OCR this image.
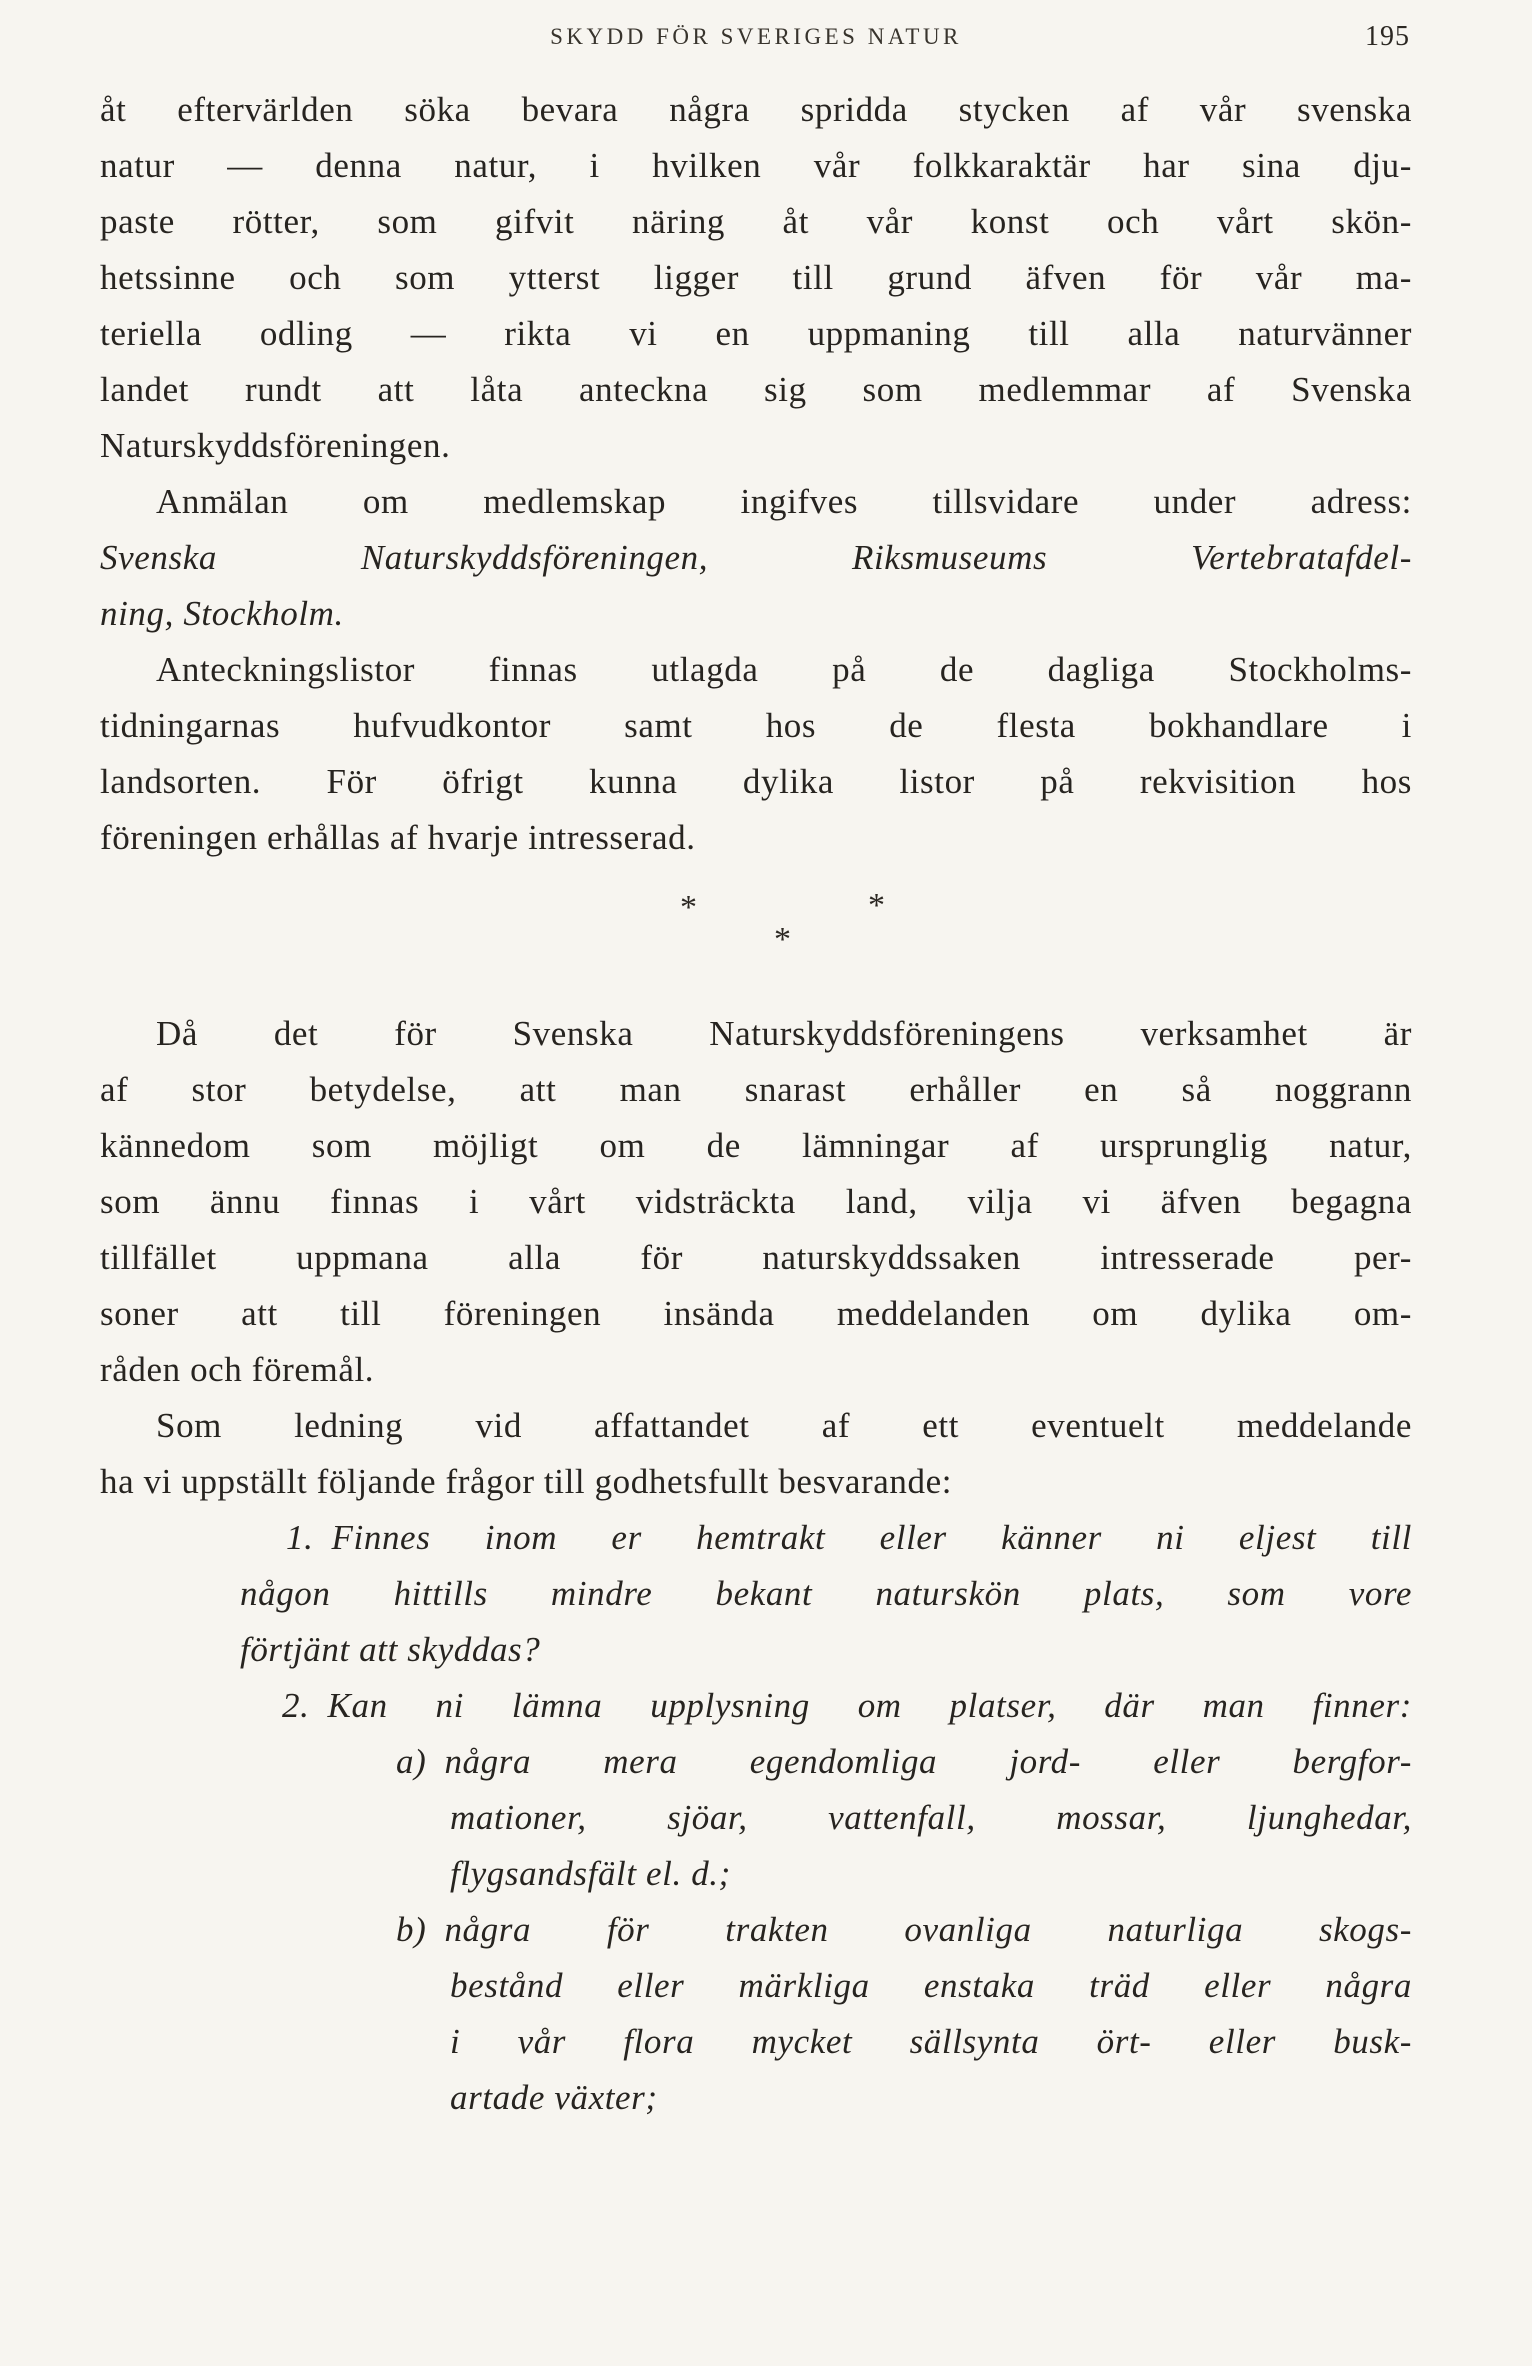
SKYDD FÖR SVERIGES NATUR	195
åt eftervärlden söka bevara några spridda stycken af vår svenska
natur — denna natur, i hvilken vår folkkaraktär har sina dju-
paste rötter, som gifvit näring åt vår konst och vårt skön-
hetssinne och som ytterst ligger till grund äfven för vår ma-
teriella odling — rikta vi en uppmaning till alla naturvänner
landet rundt att låta anteckna sig som medlemmar af Svenska
Naturskyddsföreningen.
Anmälan om medlemskap ingifves tillsvidare under adress:
Svenska Naturskyddsföreningen, Riksmuseums Vertebratafdel-
ning, Stockholm.
Anteckningslistor finnas utlagda på de dagliga Stockholms-
tidningarnas hufvudkontor samt hos de flesta bokhandlare i
landsorten. För öfrigt kunna dylika listor på rekvisition hos
föreningen erhållas af hvarje intresserad.
*	*
*
Då det för Svenska Naturskyddsföreningens verksamhet är
af stor betydelse, att man snarast erhåller en så noggrann
kännedom som möjligt om de lämningar af ursprunglig natur,
som ännu finnas i vårt vidsträckta land, vilja vi äfven begagna
tillfället uppmana alla för naturskyddssaken intresserade per-
soner att till föreningen insända meddelanden om dylika om-
råden och föremål.
Som ledning vid affattandet af ett eventuelt meddelande
ha vi uppställt följande frågor till godhetsfullt besvarande:
1. Finnes inom er hemtrakt eller känner ni eljest till
någon hittills mindre bekant naturskön plats, som vore
förtjänt att skyddas?
2. Kan ni lämna upplysning om platser, där man finner:
a) några mera egendomliga jord- eller bergfor-
mationer, sjöar, vattenfall, mossar, ljunghedar,
flygsandsfält el. d.;
b) några för trakten ovanliga naturliga skogs-
bestånd eller märkliga enstaka träd eller några
i vår flora mycket sällsynta ört- eller busk-
artade växter;
